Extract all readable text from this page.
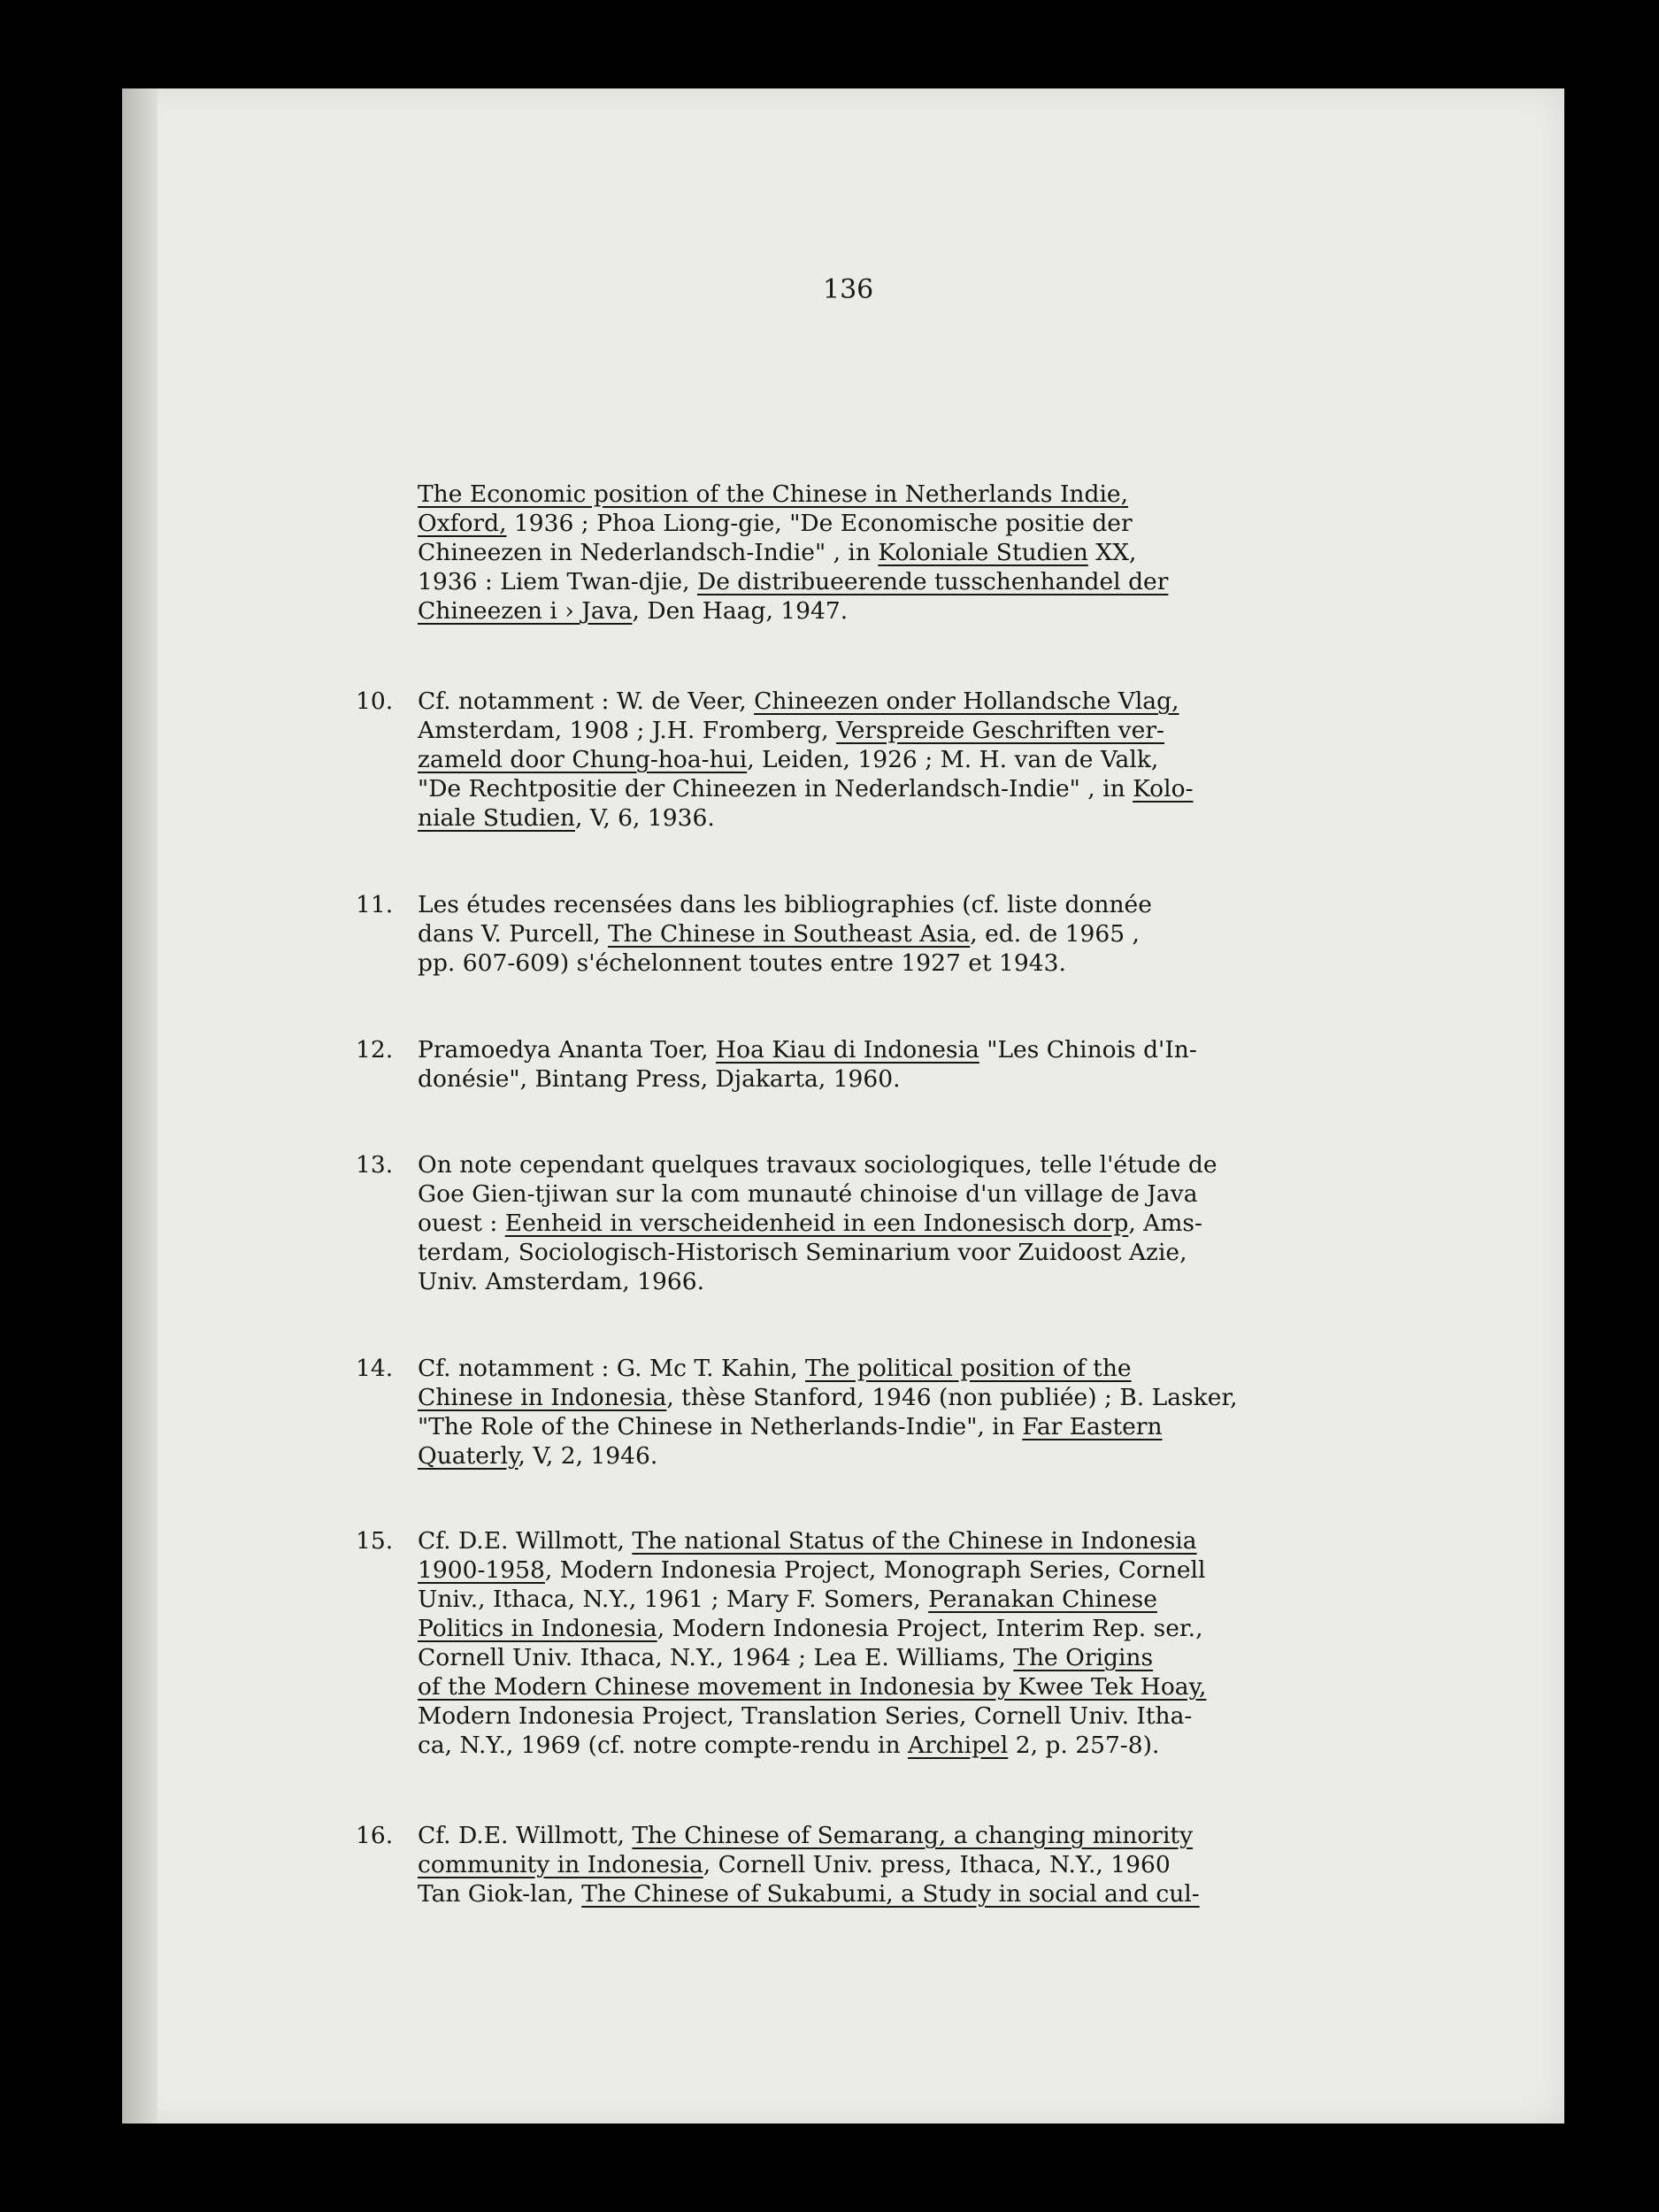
136
The Economic position of the Chinese in Netherlands Indie,
Oxford, 1936 ; Phoa Liong-gie, "De Economische positie der
Chineezen in Nederlandsch-Indie" , in Koloniale Studien XX,
1936 : Liem Twan-djie, De distribueerende tusschenhandel der
Chineezen i › Java, Den Haag, 1947.
10. Cf. notamment : W. de Veer, Chineezen onder Hollandsche Vlag,
Amsterdam, 1908 ; J.H. Fromberg, Verspreide Geschriften ver-
zameld door Chung-hoa-hui, Leiden, 1926 ; M. H. van de Valk,
"De Rechtpositie der Chineezen in Nederlandsch-Indie" , in Kolo-
niale Studien, V, 6, 1936.
11. Les études recensées dans les bibliographies (cf. liste donnée
dans V. Purcell, The Chinese in Southeast Asia, ed. de 1965 ,
pp. 607-609) s'échelonnent toutes entre 1927 et 1943.
12. Pramoedya Ananta Toer, Hoa Kiau di Indonesia "Les Chinois d'In-
donésie", Bintang Press, Djakarta, 1960.
13. On note cependant quelques travaux sociologiques, telle l'étude de
Goe Gien-tjiwan sur la com munauté chinoise d'un village de Java
ouest : Eenheid in verscheidenheid in een Indonesisch dorp, Ams-
terdam, Sociologisch-Historisch Seminarium voor Zuidoost Azie,
Univ. Amsterdam, 1966.
14. Cf. notamment : G. Mc T. Kahin, The political position of the
Chinese in Indonesia, thèse Stanford, 1946 (non publiée) ; B. Lasker,
"The Role of the Chinese in Netherlands-Indie", in Far Eastern
Quaterly, V, 2, 1946.
15. Cf. D.E. Willmott, The national Status of the Chinese in Indonesia
1900-1958, Modern Indonesia Project, Monograph Series, Cornell
Univ., Ithaca, N.Y., 1961 ; Mary F. Somers, Peranakan Chinese
Politics in Indonesia, Modern Indonesia Project, Interim Rep. ser.,
Cornell Univ. Ithaca, N.Y., 1964 ; Lea E. Williams, The Origins
of the Modern Chinese movement in Indonesia by Kwee Tek Hoay,
Modern Indonesia Project, Translation Series, Cornell Univ. Itha-
ca, N.Y., 1969 (cf. notre compte-rendu in Archipel 2, p. 257-8).
16. Cf. D.E. Willmott, The Chinese of Semarang, a changing minority
community in Indonesia, Cornell Univ. press, Ithaca, N.Y., 1960
Tan Giok-lan, The Chinese of Sukabumi, a Study in social and cul-
